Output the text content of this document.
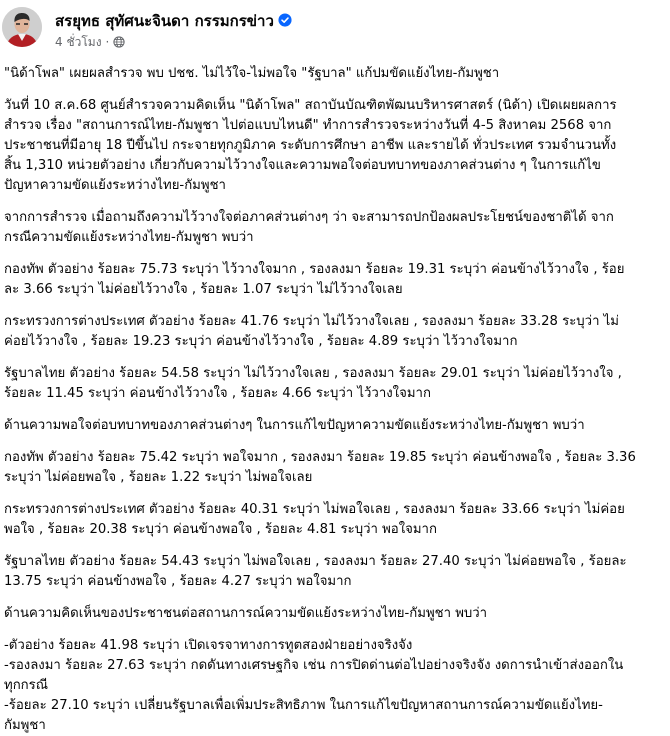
สรยุทธ สุทัศนะจินดา กรรมกรข่าว
4 ชั่วโมง ·

"นิด้าโพล" เผยผลสำรวจ พบ ปชช. ไม่ไว้ใจ-ไม่พอใจ "รัฐบาล" แก้ปมขัดแย้งไทย-กัมพูชา

วันที่ 10 ส.ค.68 ศูนย์สำรวจความคิดเห็น "นิด้าโพล" สถาบันบัณฑิตพัฒนบริหารศาสตร์ (นิด้า) เปิดเผยผลการ
สำรวจ เรื่อง "สถานการณ์ไทย-กัมพูชา ไปต่อแบบไหนดี" ทำการสำรวจระหว่างวันที่ 4-5 สิงหาคม 2568 จาก
ประชาชนที่มีอายุ 18 ปีขึ้นไป กระจายทุกภูมิภาค ระดับการศึกษา อาชีพ และรายได้ ทั่วประเทศ รวมจำนวนทั้ง
สิ้น 1,310 หน่วยตัวอย่าง เกี่ยวกับความไว้วางใจและความพอใจต่อบทบาทของภาคส่วนต่าง ๆ ในการแก้ไข
ปัญหาความขัดแย้งระหว่างไทย-กัมพูชา

จากการสำรวจ เมื่อถามถึงความไว้วางใจต่อภาคส่วนต่างๆ ว่า จะสามารถปกป้องผลประโยชน์ของชาติได้ จาก
กรณีความขัดแย้งระหว่างไทย-กัมพูชา พบว่า

กองทัพ ตัวอย่าง ร้อยละ 75.73 ระบุว่า ไว้วางใจมาก , รองลงมา ร้อยละ 19.31 ระบุว่า ค่อนข้างไว้วางใจ , ร้อย
ละ 3.66 ระบุว่า ไม่ค่อยไว้วางใจ , ร้อยละ 1.07 ระบุว่า ไม่ไว้วางใจเลย

กระทรวงการต่างประเทศ ตัวอย่าง ร้อยละ 41.76 ระบุว่า ไม่ไว้วางใจเลย , รองลงมา ร้อยละ 33.28 ระบุว่า ไม่
ค่อยไว้วางใจ , ร้อยละ 19.23 ระบุว่า ค่อนข้างไว้วางใจ , ร้อยละ 4.89 ระบุว่า ไว้วางใจมาก

รัฐบาลไทย ตัวอย่าง ร้อยละ 54.58 ระบุว่า ไม่ไว้วางใจเลย , รองลงมา ร้อยละ 29.01 ระบุว่า ไม่ค่อยไว้วางใจ ,
ร้อยละ 11.45 ระบุว่า ค่อนข้างไว้วางใจ , ร้อยละ 4.66 ระบุว่า ไว้วางใจมาก

ด้านความพอใจต่อบทบาทของภาคส่วนต่างๆ ในการแก้ไขปัญหาความขัดแย้งระหว่างไทย-กัมพูชา พบว่า

กองทัพ ตัวอย่าง ร้อยละ 75.42 ระบุว่า พอใจมาก , รองลงมา ร้อยละ 19.85 ระบุว่า ค่อนข้างพอใจ , ร้อยละ 3.36
ระบุว่า ไม่ค่อยพอใจ , ร้อยละ 1.22 ระบุว่า ไม่พอใจเลย

กระทรวงการต่างประเทศ ตัวอย่าง ร้อยละ 40.31 ระบุว่า ไม่พอใจเลย , รองลงมา ร้อยละ 33.66 ระบุว่า ไม่ค่อย
พอใจ , ร้อยละ 20.38 ระบุว่า ค่อนข้างพอใจ , ร้อยละ 4.81 ระบุว่า พอใจมาก

รัฐบาลไทย ตัวอย่าง ร้อยละ 54.43 ระบุว่า ไม่พอใจเลย , รองลงมา ร้อยละ 27.40 ระบุว่า ไม่ค่อยพอใจ , ร้อยละ
13.75 ระบุว่า ค่อนข้างพอใจ , ร้อยละ 4.27 ระบุว่า พอใจมาก

ด้านความคิดเห็นของประชาชนต่อสถานการณ์ความขัดแย้งระหว่างไทย-กัมพูชา พบว่า

-ตัวอย่าง ร้อยละ 41.98 ระบุว่า เปิดเจรจาทางการทูตสองฝ่ายอย่างจริงจัง
-รองลงมา ร้อยละ 27.63 ระบุว่า กดดันทางเศรษฐกิจ เช่น การปิดด่านต่อไปอย่างจริงจัง งดการนำเข้าส่งออกใน
ทุกกรณี
-ร้อยละ 27.10 ระบุว่า เปลี่ยนรัฐบาลเพื่อเพิ่มประสิทธิภาพ ในการแก้ไขปัญหาสถานการณ์ความขัดแย้งไทย-
กัมพูชา
